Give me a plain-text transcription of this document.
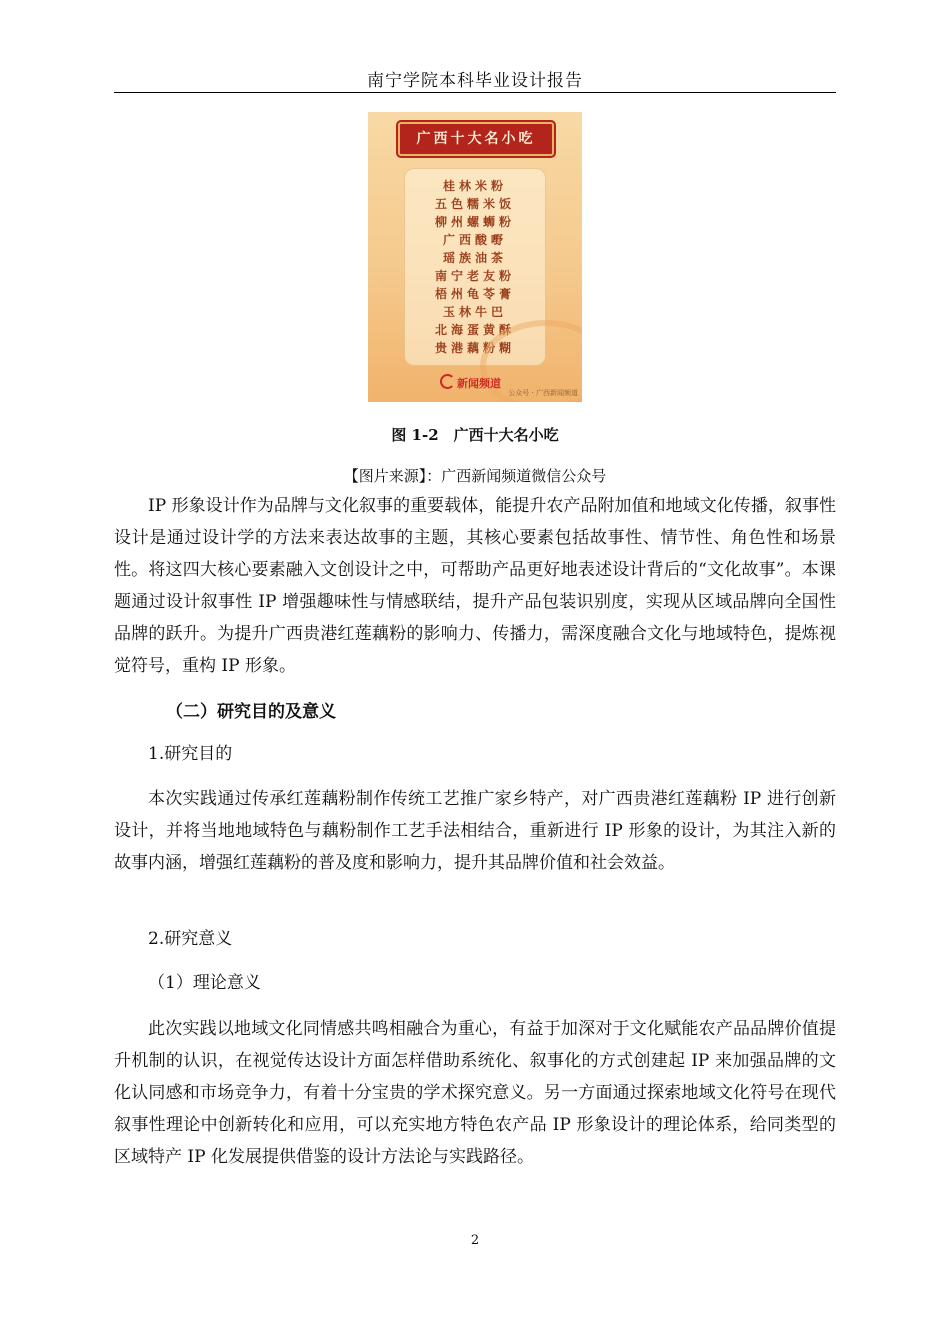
南宁学院本科毕业设计报告
广西十大名小吃
桂林米粉
五色糯米饭
柳州螺蛳粉
广西酸嘢
瑶族油茶
南宁老友粉
梧州龟苓膏
玉林牛巴
北海蛋黄酥
贵港藕粉糊
新闻频道
公众号 · 广西新闻频道
图 1-2　广西十大名小吃
【图片来源】：广西新闻频道微信公众号

IP 形象设计作为品牌与文化叙事的重要载体，能提升农产品附加值和地域文化传播，叙事性设计是通过设计学的方法来表达故事的主题，其核心要素包括故事性、情节性、角色性和场景性。将这四大核心要素融入文创设计之中，可帮助产品更好地表述设计背后的“文化故事”。本课题通过设计叙事性 IP 增强趣味性与情感联结，提升产品包装识别度，实现从区域品牌向全国性品牌的跃升。为提升广西贵港红莲藕粉的影响力、传播力，需深度融合文化与地域特色，提炼视觉符号，重构 IP 形象。

（二）研究目的及意义
1.研究目的

本次实践通过传承红莲藕粉制作传统工艺推广家乡特产，对广西贵港红莲藕粉 IP 进行创新设计，并将当地地域特色与藕粉制作工艺手法相结合，重新进行 IP 形象的设计，为其注入新的故事内涵，增强红莲藕粉的普及度和影响力，提升其品牌价值和社会效益。

2.研究意义
（1）理论意义

此次实践以地域文化同情感共鸣相融合为重心，有益于加深对于文化赋能农产品品牌价值提升机制的认识，在视觉传达设计方面怎样借助系统化、叙事化的方式创建起 IP 来加强品牌的文化认同感和市场竞争力，有着十分宝贵的学术探究意义。另一方面通过探索地域文化符号在现代叙事性理论中创新转化和应用，可以充实地方特色农产品 IP 形象设计的理论体系，给同类型的区域特产 IP 化发展提供借鉴的设计方法论与实践路径。

2
